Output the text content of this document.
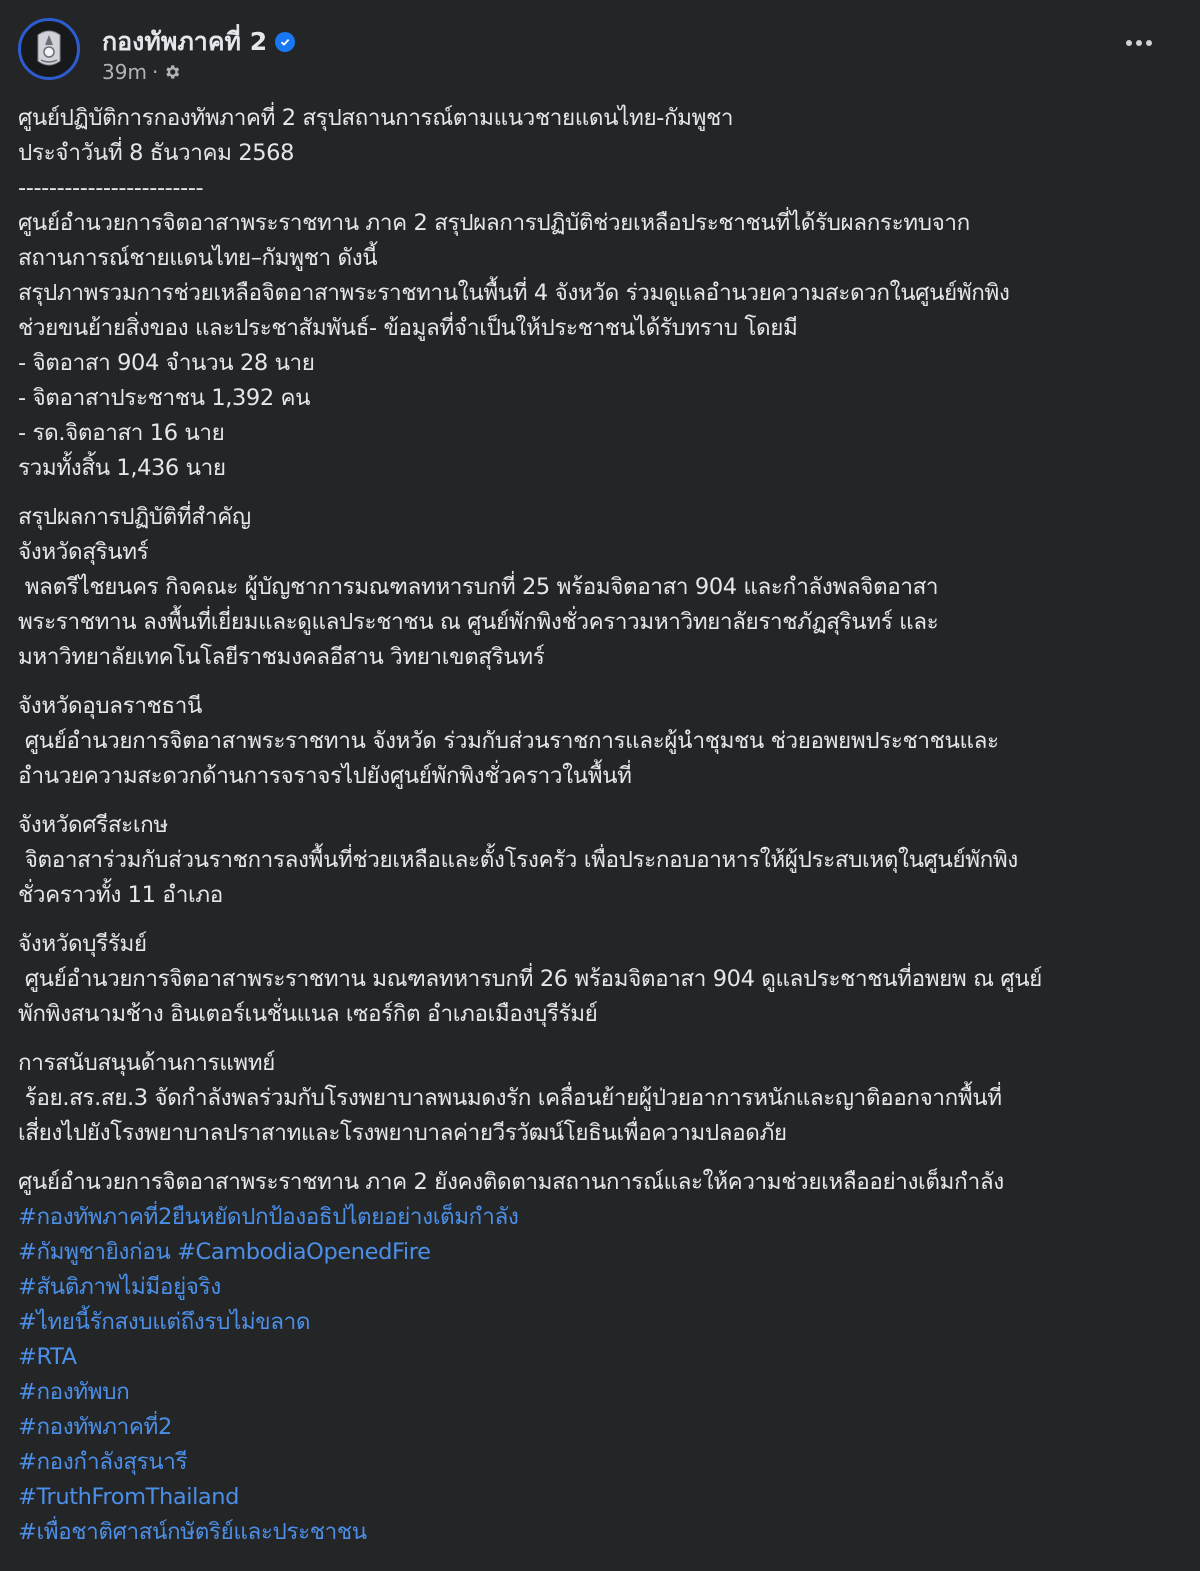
กองทัพภาคที่ 2
39m ·
ศูนย์ปฏิบัติการกองทัพภาคที่ 2 สรุปสถานการณ์ตามแนวชายแดนไทย-กัมพูชา
ประจำวันที่ 8 ธันวาคม 2568
------------------------
ศูนย์อำนวยการจิตอาสาพระราชทาน ภาค 2 สรุปผลการปฏิบัติช่วยเหลือประชาชนที่ได้รับผลกระทบจาก
สถานการณ์ชายแดนไทย–กัมพูชา ดังนี้
สรุปภาพรวมการช่วยเหลือจิตอาสาพระราชทานในพื้นที่ 4 จังหวัด ร่วมดูแลอำนวยความสะดวกในศูนย์พักพิง
ช่วยขนย้ายสิ่งของ และประชาสัมพันธ์- ข้อมูลที่จำเป็นให้ประชาชนได้รับทราบ โดยมี
- จิตอาสา 904 จำนวน 28 นาย
- จิตอาสาประชาชน 1,392 คน
- รด.จิตอาสา 16 นาย
รวมทั้งสิ้น 1,436 นาย
สรุปผลการปฏิบัติที่สำคัญ
จังหวัดสุรินทร์
พลตรีไชยนคร กิจคณะ ผู้บัญชาการมณฑลทหารบกที่ 25 พร้อมจิตอาสา 904 และกำลังพลจิตอาสา
พระราชทาน ลงพื้นที่เยี่ยมและดูแลประชาชน ณ ศูนย์พักพิงชั่วคราวมหาวิทยาลัยราชภัฏสุรินทร์ และ
มหาวิทยาลัยเทคโนโลยีราชมงคลอีสาน วิทยาเขตสุรินทร์
จังหวัดอุบลราชธานี
ศูนย์อำนวยการจิตอาสาพระราชทาน จังหวัด ร่วมกับส่วนราชการและผู้นำชุมชน ช่วยอพยพประชาชนและ
อำนวยความสะดวกด้านการจราจรไปยังศูนย์พักพิงชั่วคราวในพื้นที่
จังหวัดศรีสะเกษ
จิตอาสาร่วมกับส่วนราชการลงพื้นที่ช่วยเหลือและตั้งโรงครัว เพื่อประกอบอาหารให้ผู้ประสบเหตุในศูนย์พักพิง
ชั่วคราวทั้ง 11 อำเภอ
จังหวัดบุรีรัมย์
ศูนย์อำนวยการจิตอาสาพระราชทาน มณฑลทหารบกที่ 26 พร้อมจิตอาสา 904 ดูแลประชาชนที่อพยพ ณ ศูนย์
พักพิงสนามช้าง อินเตอร์เนชั่นแนล เซอร์กิต อำเภอเมืองบุรีรัมย์
การสนับสนุนด้านการแพทย์
ร้อย.สร.สย.3 จัดกำลังพลร่วมกับโรงพยาบาลพนมดงรัก เคลื่อนย้ายผู้ป่วยอาการหนักและญาติออกจากพื้นที่
เสี่ยงไปยังโรงพยาบาลปราสาทและโรงพยาบาลค่ายวีรวัฒน์โยธินเพื่อความปลอดภัย
ศูนย์อำนวยการจิตอาสาพระราชทาน ภาค 2 ยังคงติดตามสถานการณ์และให้ความช่วยเหลืออย่างเต็มกำลัง
#กองทัพภาคที่2ยืนหยัดปกป้องอธิปไตยอย่างเต็มกำลัง
#กัมพูชายิงก่อน #CambodiaOpenedFire
#สันติภาพไม่มีอยู่จริง
#ไทยนี้รักสงบแต่ถึงรบไม่ขลาด
#RTA
#กองทัพบก
#กองทัพภาคที่2
#กองกำลังสุรนารี
#TruthFromThailand
#เพื่อชาติศาสน์กษัตริย์และประชาชน
